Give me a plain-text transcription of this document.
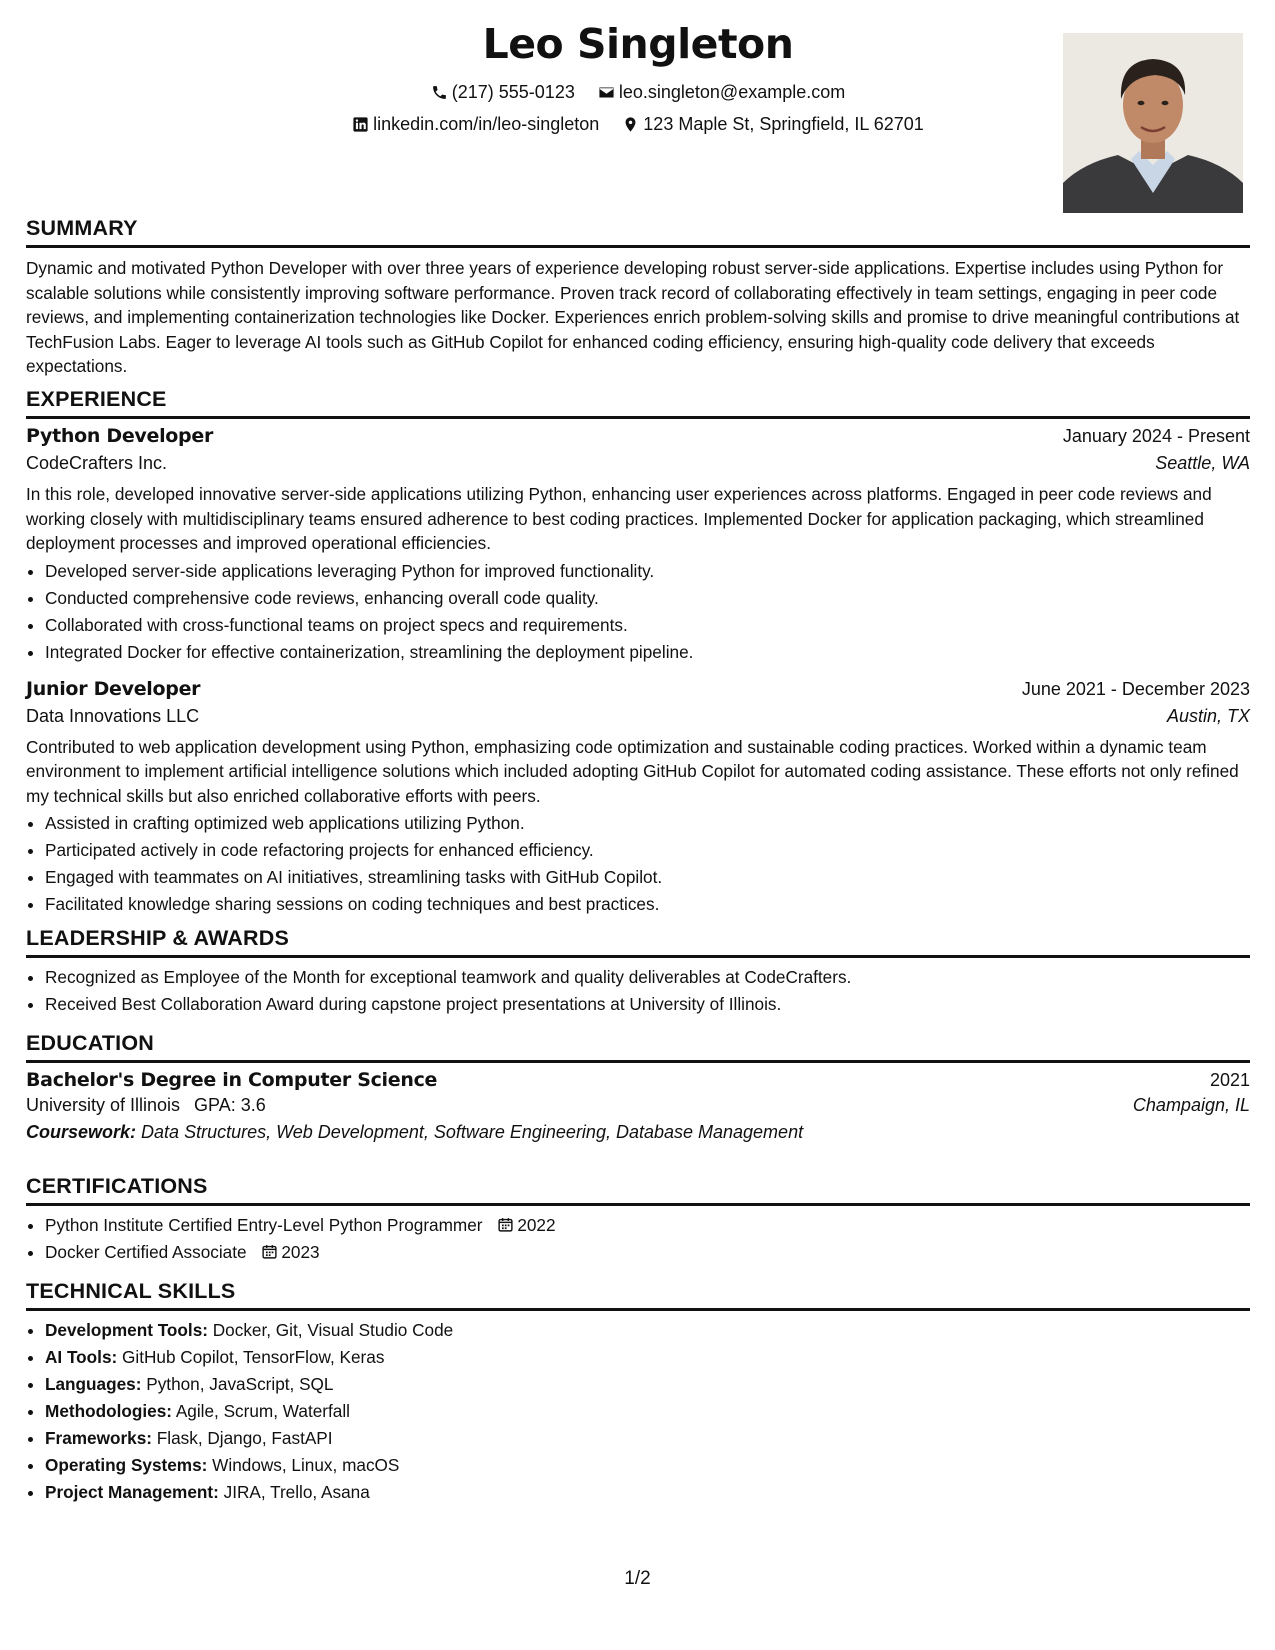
Leo Singleton
(217) 555-0123
leo.singleton@example.com
linkedin.com/in/leo-singleton
123 Maple St, Springfield, IL 62701
SUMMARY

Dynamic and motivated Python Developer with over three years of experience developing robust server-side applications. Expertise includes using Python for scalable solutions while consistently improving software performance. Proven track record of collaborating effectively in team settings, engaging in peer code reviews, and implementing containerization technologies like Docker. Experiences enrich problem-solving skills and promise to drive meaningful contributions at TechFusion Labs. Eager to leverage AI tools such as GitHub Copilot for enhanced coding efficiency, ensuring high-quality code delivery that exceeds expectations.

EXPERIENCE
Python Developer	January 2024 - Present
CodeCrafters Inc.	Seattle, WA

In this role, developed innovative server-side applications utilizing Python, enhancing user experiences across platforms. Engaged in peer code reviews and working closely with multidisciplinary teams ensured adherence to best coding practices. Implemented Docker for application packaging, which streamlined deployment processes and improved operational efficiencies.

• Developed server-side applications leveraging Python for improved functionality.
• Conducted comprehensive code reviews, enhancing overall code quality.
• Collaborated with cross-functional teams on project specs and requirements.
• Integrated Docker for effective containerization, streamlining the deployment pipeline.
Junior Developer	June 2021 - December 2023
Data Innovations LLC	Austin, TX

Contributed to web application development using Python, emphasizing code optimization and sustainable coding practices. Worked within a dynamic team environment to implement artificial intelligence solutions which included adopting GitHub Copilot for automated coding assistance. These efforts not only refined my technical skills but also enriched collaborative efforts with peers.

• Assisted in crafting optimized web applications utilizing Python.
• Participated actively in code refactoring projects for enhanced efficiency.
• Engaged with teammates on AI initiatives, streamlining tasks with GitHub Copilot.
• Facilitated knowledge sharing sessions on coding techniques and best practices.
LEADERSHIP & AWARDS
• Recognized as Employee of the Month for exceptional teamwork and quality deliverables at CodeCrafters.
• Received Best Collaboration Award during capstone project presentations at University of Illinois.
EDUCATION
Bachelor's Degree in Computer Science	2021
University of Illinois GPA: 3.6	Champaign, IL
Coursework: Data Structures, Web Development, Software Engineering, Database Management
CERTIFICATIONS
• Python Institute Certified Entry-Level Python Programmer 2022
• Docker Certified Associate 2023
TECHNICAL SKILLS
• Development Tools: Docker, Git, Visual Studio Code
• AI Tools: GitHub Copilot, TensorFlow, Keras
• Languages: Python, JavaScript, SQL
• Methodologies: Agile, Scrum, Waterfall
• Frameworks: Flask, Django, FastAPI
• Operating Systems: Windows, Linux, macOS
• Project Management: JIRA, Trello, Asana
1/2
